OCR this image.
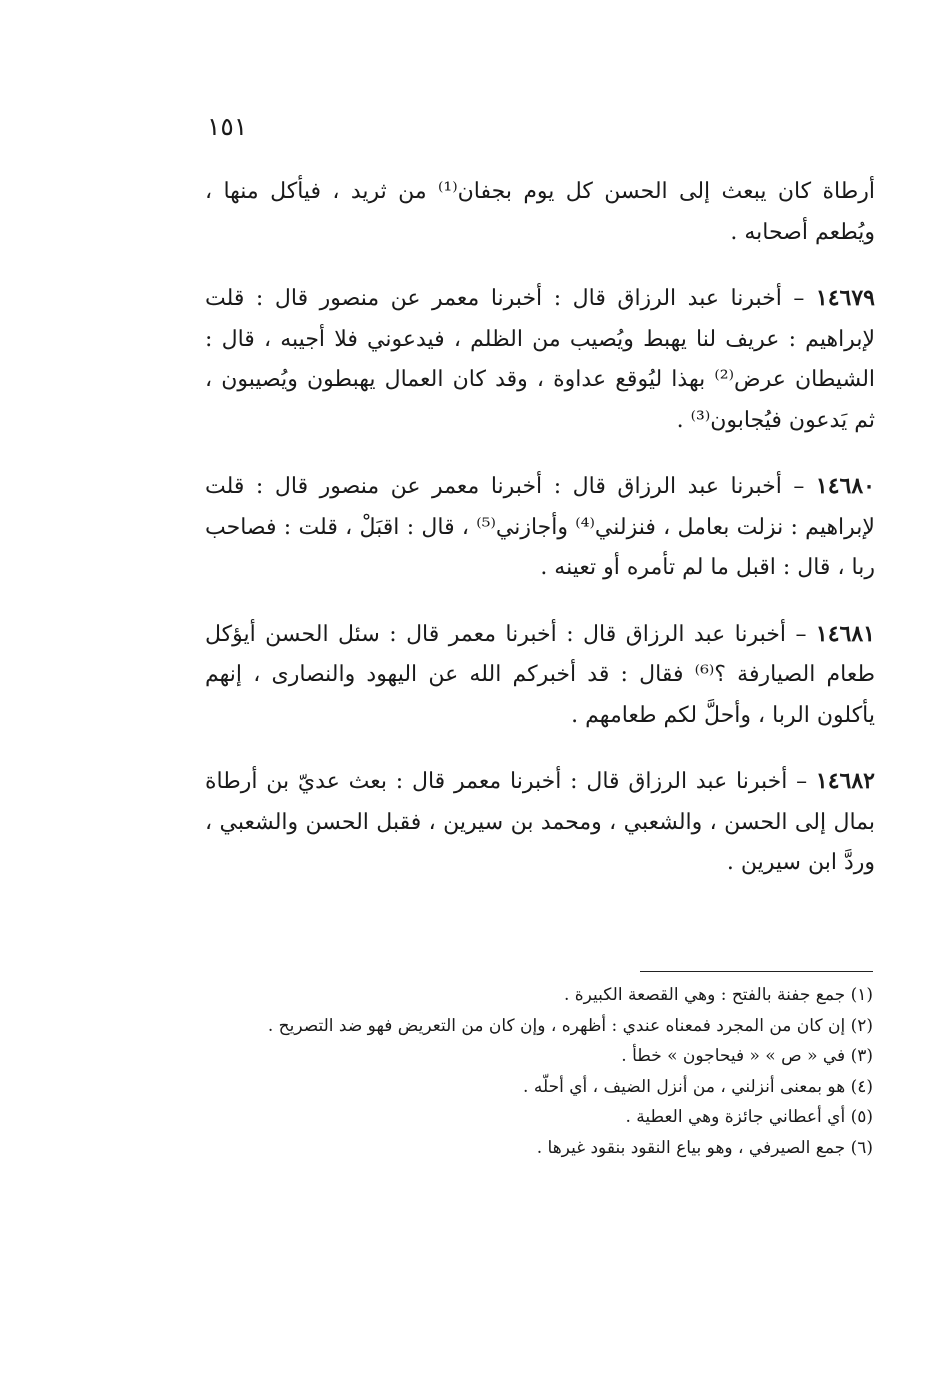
١٥١

أرطاة كان يبعث إلى الحسن كل يوم بجفان⁽¹⁾ من ثريد ، فيأكل منها ، ويُطعم أصحابه .

١٤٦٧٩ – أخبرنا عبد الرزاق قال : أخبرنا معمر عن منصور قال : قلت لإبراهيم : عريف لنا يهبط ويُصيب من الظلم ، فيدعوني فلا أجيبه ، قال : الشيطان عرض⁽²⁾ بهذا ليُوقع عداوة ، وقد كان العمال يهبطون ويُصيبون ، ثم يَدعون فيُجابون⁽³⁾ .

١٤٦٨٠ – أخبرنا عبد الرزاق قال : أخبرنا معمر عن منصور قال : قلت لإبراهيم : نزلت بعامل ، فنزلني⁽⁴⁾ وأجازني⁽⁵⁾ ، قال : اقبَلْ ، قلت : فصاحب ربا ، قال : اقبل ما لم تأمره أو تعينه .

١٤٦٨١ – أخبرنا عبد الرزاق قال : أخبرنا معمر قال : سئل الحسن أيؤكل طعام الصيارفة ؟⁽⁶⁾ فقال : قد أخبركم الله عن اليهود والنصارى ، إنهم يأكلون الربا ، وأحلَّ لكم طعامهم .

١٤٦٨٢ – أخبرنا عبد الرزاق قال : أخبرنا معمر قال : بعث عديّ بن أرطاة بمال إلى الحسن ، والشعبي ، ومحمد بن سيرين ، فقبل الحسن والشعبي ، وردَّ ابن سيرين .

(١) جمع جفنة بالفتح : وهي القصعة الكبيرة .

(٢) إن كان من المجرد فمعناه عندي : أظهره ، وإن كان من التعريض فهو ضد التصريح .

(٣) في « ص » « فيحاجون » خطأ .

(٤) هو بمعنى أنزلني ، من أنزل الضيف ، أي أحلّه .

(٥) أي أعطاني جائزة وهي العطية .

(٦) جمع الصيرفي ، وهو بياع النقود بنقود غيرها .
